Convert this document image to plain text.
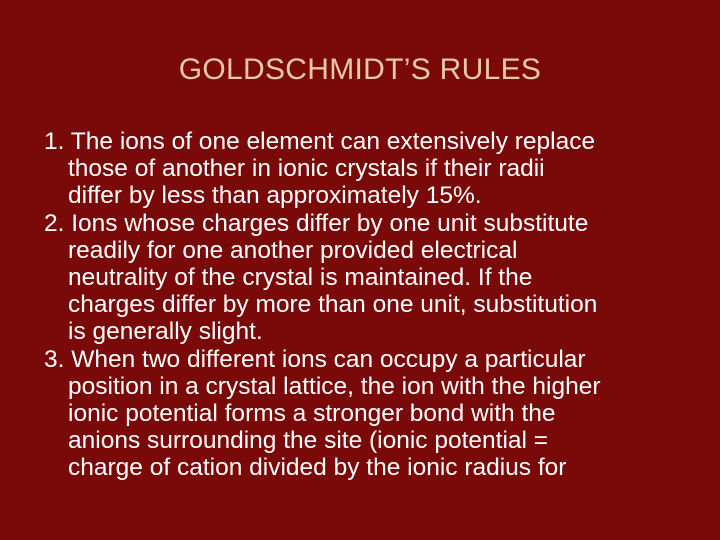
GOLDSCHMIDT’S RULES
1. The ions of one element can extensively replace
those of another in ionic crystals if their radii
differ by less than approximately 15%.
2. Ions whose charges differ by one unit substitute
readily for one another provided electrical
neutrality of the crystal is maintained. If the
charges differ by more than one unit, substitution
is generally slight.
3. When two different ions can occupy a particular
position in a crystal lattice, the ion with the higher
ionic potential forms a stronger bond with the
anions surrounding the site (ionic potential =
charge of cation divided by the ionic radius for
